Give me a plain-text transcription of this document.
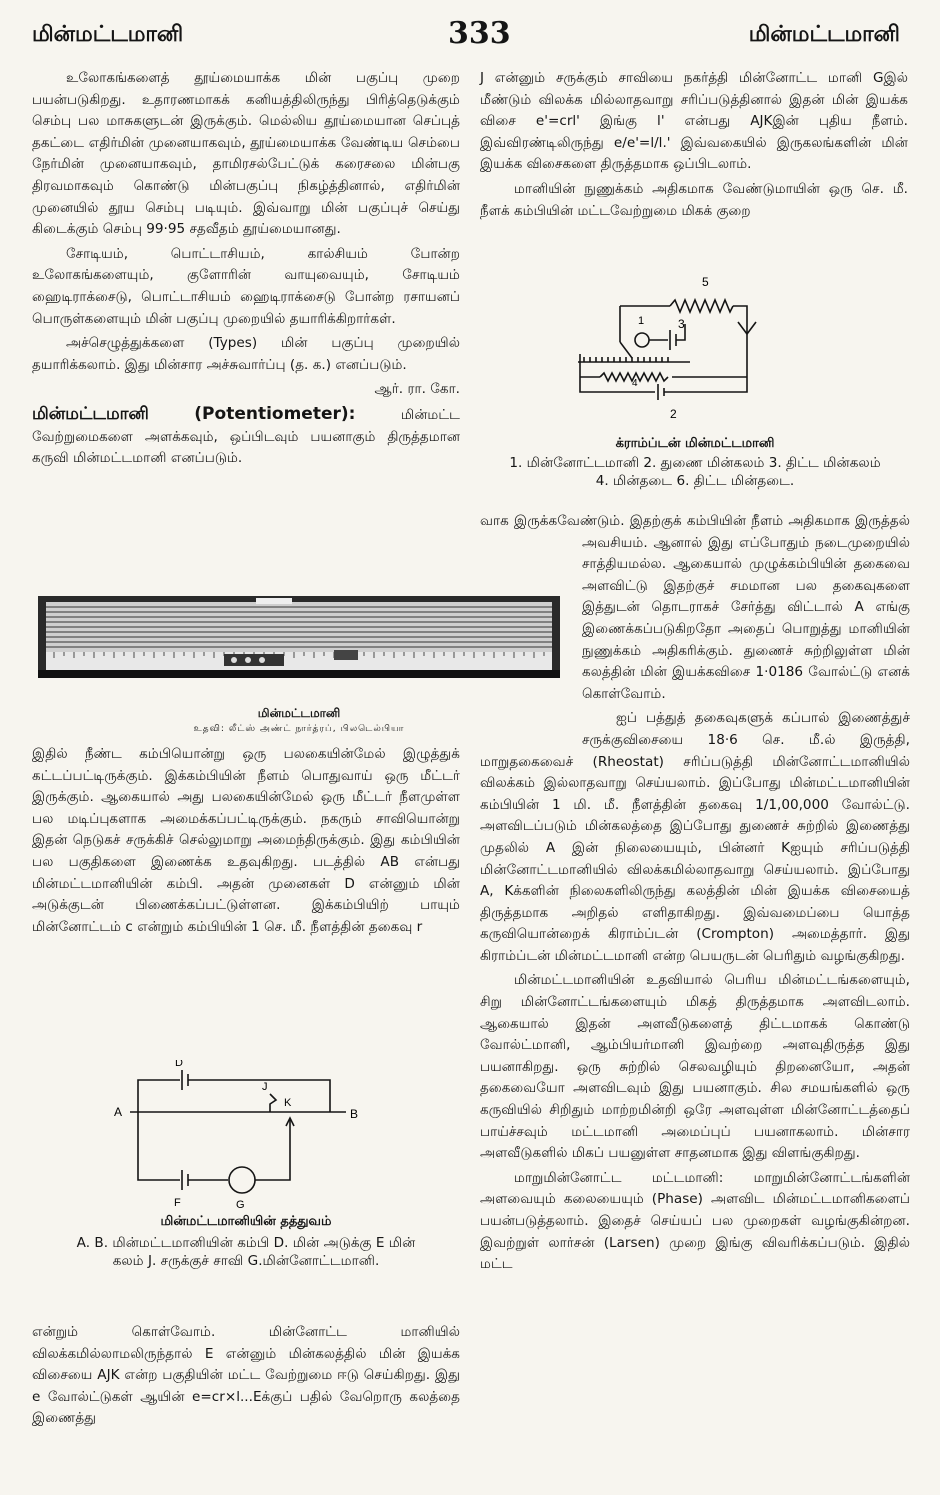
மின்மட்டமானி	333	மின்மட்டமானி

உலோகங்களைத் தூய்மையாக்க மின் பகுப்பு முறை பயன்படுகிறது. உதாரணமாகக் கனியத்திலிருந்து பிரித்தெடுக்கும் செம்பு பல மாசுகளுடன் இருக்கும். மெல்லிய தூய்மையான செப்புத் தகட்டை எதிர்மின் முனையாகவும், தூய்மையாக்க வேண்டிய செம்பை நேர்மின் முனையாகவும், தாமிரசல்பேட்டுக் கரைசலை மின்பகு திரவமாகவும் கொண்டு மின்பகுப்பு நிகழ்த்தினால், எதிர்மின் முனையில் தூய செம்பு படியும். இவ்வாறு மின் பகுப்புச் செய்து கிடைக்கும் செம்பு 99·95 சதவீதம் தூய்மையானது.

சோடியம், பொட்டாசியம், கால்சியம் போன்ற உலோகங்களையும், குளோரின் வாயுவையும், சோடியம் ஹைடிராக்சைடு, பொட்டாசியம் ஹைடிராக்சைடு போன்ற ரசாயனப் பொருள்களையும் மின் பகுப்பு முறையில் தயாரிக்கிறார்கள்.

அச்செழுத்துக்களை (Types) மின் பகுப்பு முறையில் தயாரிக்கலாம். இது மின்சார அச்சுவார்ப்பு (த. க.) எனப்படும்.

ஆர். ரா. கோ.

மின்மட்டமானி	(Potentiometer):	மின்மட்ட வேற்றுமைகளை அளக்கவும், ஒப்பிடவும் பயனாகும் திருத்தமான கருவி மின்மட்டமானி எனப்படும்.

J என்னும் சருக்கும் சாவியை நகர்த்தி மின்னோட்ட மானி Gஇல் மீண்டும் விலக்க மில்லாதவாறு சரிப்படுத்தினால் இதன் மின் இயக்க விசை e'=crl' இங்கு l' என்பது AJKஇன் புதிய நீளம். இவ்விரண்டிலிருந்து e/e'=l/l.' இவ்வகையில் இருகலங்களின் மின் இயக்க விசைகளை திருத்தமாக ஒப்பிடலாம்.

மானியின் நுணுக்கம் அதிகமாக வேண்டுமாயின் ஒரு செ. மீ. நீளக் கம்பியின் மட்டவேற்றுமை மிகக் குறை

5
1	3
4
2

க்ராம்ப்டன் மின்மட்டமானி

1. மின்னோட்டமானி 2. துணை மின்கலம் 3. திட்ட மின்கலம்

4. மின்தடை 6. திட்ட மின்தடை.

மின்மட்டமானி

உதவி: லீட்ஸ் அண்ட் நார்த்ரப், பிலடெல்பியா

வாக இருக்கவேண்டும். இதற்குக் கம்பியின் நீளம் அதிகமாக இருத்தல் அவசியம். ஆனால் இது எப்போதும் நடைமுறையில் சாத்தியமல்ல. ஆகையால் முழுக்கம்பியின் தகைவை அளவிட்டு இதற்குச் சமமான பல தகைவுகளை இத்துடன் தொடராகச் சேர்த்து விட்டால் A எங்கு இணைக்கப்படுகிறதோ அதைப் பொறுத்து மானியின் நுணுக்கம் அதிகரிக்கும். துணைச் சுற்றிலுள்ள மின் கலத்தின் மின் இயக்கவிசை 1·0186 வோல்ட்டு எனக் கொள்வோம்.

ஐப் பத்துத் தகைவுகளுக் கப்பால் இணைத்துச் சருக்குவிசையை 18·6 செ. மீ.ல் இருத்தி, மாறுதகைவைச் (Rheostat) சரிப்படுத்தி மின்னோட்டமானியில் விலக்கம் இல்லாதவாறு செய்யலாம். இப்போது மின்மட்டமானியின் கம்பியின் 1 மி. மீ. நீளத்தின் தகைவு 1/1,00,000 வோல்ட்டு. அளவிடப்படும் மின்கலத்தை இப்போது துணைச் சுற்றில் இணைத்து முதலில் A இன் நிலையையும், பின்னர் Kஐயும் சரிப்படுத்தி மின்னோட்டமானியில் விலக்கமில்லாதவாறு செய்யலாம். இப்போது A, Kக்களின் நிலைகளிலிருந்து கலத்தின் மின் இயக்க விசையைத் திருத்தமாக அறிதல் எளிதாகிறது. இவ்வமைப்பை யொத்த கருவியொன்றைக் கிராம்ப்டன் (Crompton) அமைத்தார். இது கிராம்ப்டன் மின்மட்டமானி என்ற பெயருடன் பெரிதும் வழங்குகிறது.

மின்மட்டமானியின் உதவியால் பெரிய மின்மட்டங்களையும், சிறு மின்னோட்டங்களையும் மிகத் திருத்தமாக அளவிடலாம். ஆகையால் இதன் அளவீடுகளைத் திட்டமாகக் கொண்டு வோல்ட்மானி, ஆம்பியர்மானி இவற்றை அளவுதிருத்த இது பயனாகிறது. ஒரு சுற்றில் செலவழியும் திறனையோ, அதன் தகைவையோ அளவிடவும் இது பயனாகும். சில சமயங்களில் ஒரு கருவியில் சிறிதும் மாற்றமின்றி ஒரே அளவுள்ள மின்னோட்டத்தைப் பாய்ச்சவும் மட்டமானி அமைப்புப் பயனாகலாம். மின்சார அளவீடுகளில் மிகப் பயனுள்ள சாதனமாக இது விளங்குகிறது.

மாறுமின்னோட்ட மட்டமானி: மாறுமின்னோட்டங்களின் அளவையும் கலையையும் (Phase) அளவிட மின்மட்டமானிகளைப் பயன்படுத்தலாம். இதைச் செய்யப் பல முறைகள் வழங்குகின்றன. இவற்றுள் லார்சன் (Larsen) முறை இங்கு விவரிக்கப்படும். இதில் மட்ட

இதில் நீண்ட கம்பியொன்று ஒரு பலகையின்மேல் இழுத்துக் கட்டப்பட்டிருக்கும். இக்கம்பியின் நீளம் பொதுவாய் ஒரு மீட்டர் இருக்கும். ஆகையால் அது பலகையின்மேல் ஒரு மீட்டர் நீளமுள்ள பல மடிப்புகளாக அமைக்கப்பட்டிருக்கும். நகரும் சாவியொன்று இதன் நெடுகச் சருக்கிச் செல்லுமாறு அமைந்திருக்கும். இது கம்பியின் பல பகுதிகளை இணைக்க உதவுகிறது. படத்தில் AB என்பது மின்மட்டமானியின் கம்பி. அதன் முனைகள் D என்னும் மின் அடுக்குடன் பிணைக்கப்பட்டுள்ளன. இக்கம்பியிற் பாயும் மின்னோட்டம் c என்றும் கம்பியின் 1 செ. மீ. நீளத்தின் தகைவு r

D
J
A
K
B
F	G

மின்மட்டமானியின் தத்துவம்

A. B. மின்மட்டமானியின் கம்பி D. மின் அடுக்கு E மின்

கலம் J. சருக்குச் சாவி G.மின்னோட்டமானி.

என்றும் கொள்வோம். மின்னோட்ட மானியில் விலக்கமில்லாமலிருந்தால் E என்னும் மின்கலத்தில் மின் இயக்க விசையை AJK என்ற பகுதியின் மட்ட வேற்றுமை ஈடு செய்கிறது. இது e வோல்ட்டுகள் ஆயின் e=cr×l...Eக்குப் பதில் வேறொரு கலத்தை இணைத்து
